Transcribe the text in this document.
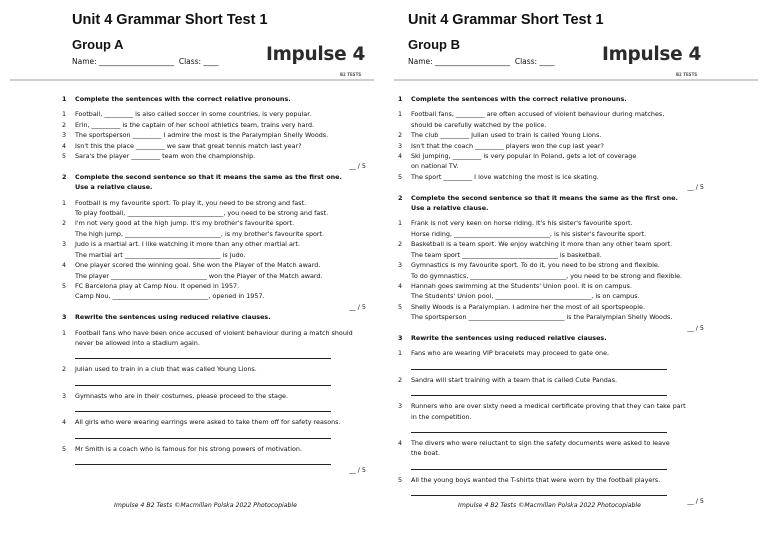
Unit 4 Grammar Short Test 1
Group A
Name: ____________________ Class: ____	Impulse 4
B2 TESTS
1	Complete the sentences with the correct relative pronouns.
1	Football, _________ is also called soccer in some countries, is very popular.
2	Erin, _________ is the captain of her school athletics team, trains very hard.
3	The sportsperson _________ I admire the most is the Paralympian Shelly Woods.
4	Isn't this the place _________ we saw that great tennis match last year?
5	Sara's the player _________ team won the championship.
__ / 5
2	Complete the second sentence so that it means the same as the first one.
Use a relative clause.
1	Football is my favourite sport. To play it, you need to be strong and fast.
To play football, ______________________________, you need to be strong and fast.
2	I'm not very good at the high jump. It's my brother's favourite sport.
The high jump, ______________________________, is my brother's favourite sport.
3	Judo is a martial art. I like watching it more than any other martial art.
The martial art ______________________________ is judo.
4	One player scored the winning goal. She won the Player of the Match award.
The player ______________________________ won the Player of the Match award.
5	FC Barcelona play at Camp Nou. It opened in 1957.
Camp Nou, ______________________________, opened in 1957.
__ / 5
3	Rewrite the sentences using reduced relative clauses.
1	Football fans who have been once accused of violent behaviour during a match should
never be allowed into a stadium again.
2	Julian used to train in a club that was called Young Lions.
3	Gymnasts who are in their costumes, please proceed to the stage.
4	All girls who were wearing earrings were asked to take them off for safety reasons.
5	Mr Smith is a coach who is famous for his strong powers of motivation.
__ / 5
Impulse 4 B2 Tests ©Macmillan Polska 2022 Photocopiable
Unit 4 Grammar Short Test 1
Group B
Name: ____________________ Class: ____	Impulse 4
B2 TESTS
1	Complete the sentences with the correct relative pronouns.
1	Football fans, _________ are often accused of violent behaviour during matches,
should be carefully watched by the police.
2	The club _________ Julian used to train is called Young Lions.
3	Isn't that the coach _________ players won the cup last year?
4	Ski jumping, _________ is very popular in Poland, gets a lot of coverage
on national TV.
5	The sport _________ I love watching the most is ice skating.
__ / 5
2	Complete the second sentence so that it means the same as the first one.
Use a relative clause.
1	Frank is not very keen on horse riding. It's his sister's favourite sport.
Horse riding, ______________________________, is his sister's favourite sport.
2	Basketball is a team sport. We enjoy watching it more than any other team sport.
The team sport ______________________________ is basketball.
3	Gymnastics is my favourite sport. To do it, you need to be strong and flexible.
To do gymnastics, ______________________________, you need to be strong and flexible.
4	Hannah goes swimming at the Students' Union pool. It is on campus.
The Students' Union pool, ______________________________, is on campus.
5	Shelly Woods is a Paralympian. I admire her the most of all sportspeople.
The sportsperson ______________________________ is the Paralympian Shelly Woods.
__ / 5
3	Rewrite the sentences using reduced relative clauses.
1	Fans who are wearing VIP bracelets may proceed to gate one.
2	Sandra will start training with a team that is called Cute Pandas.
3	Runners who are over sixty need a medical certificate proving that they can take part
in the competition.
4	The divers who were reluctant to sign the safety documents were asked to leave
the boat.
5	All the young boys wanted the T-shirts that were worn by the football players.
__ / 5
Impulse 4 B2 Tests ©Macmillan Polska 2022 Photocopiable
